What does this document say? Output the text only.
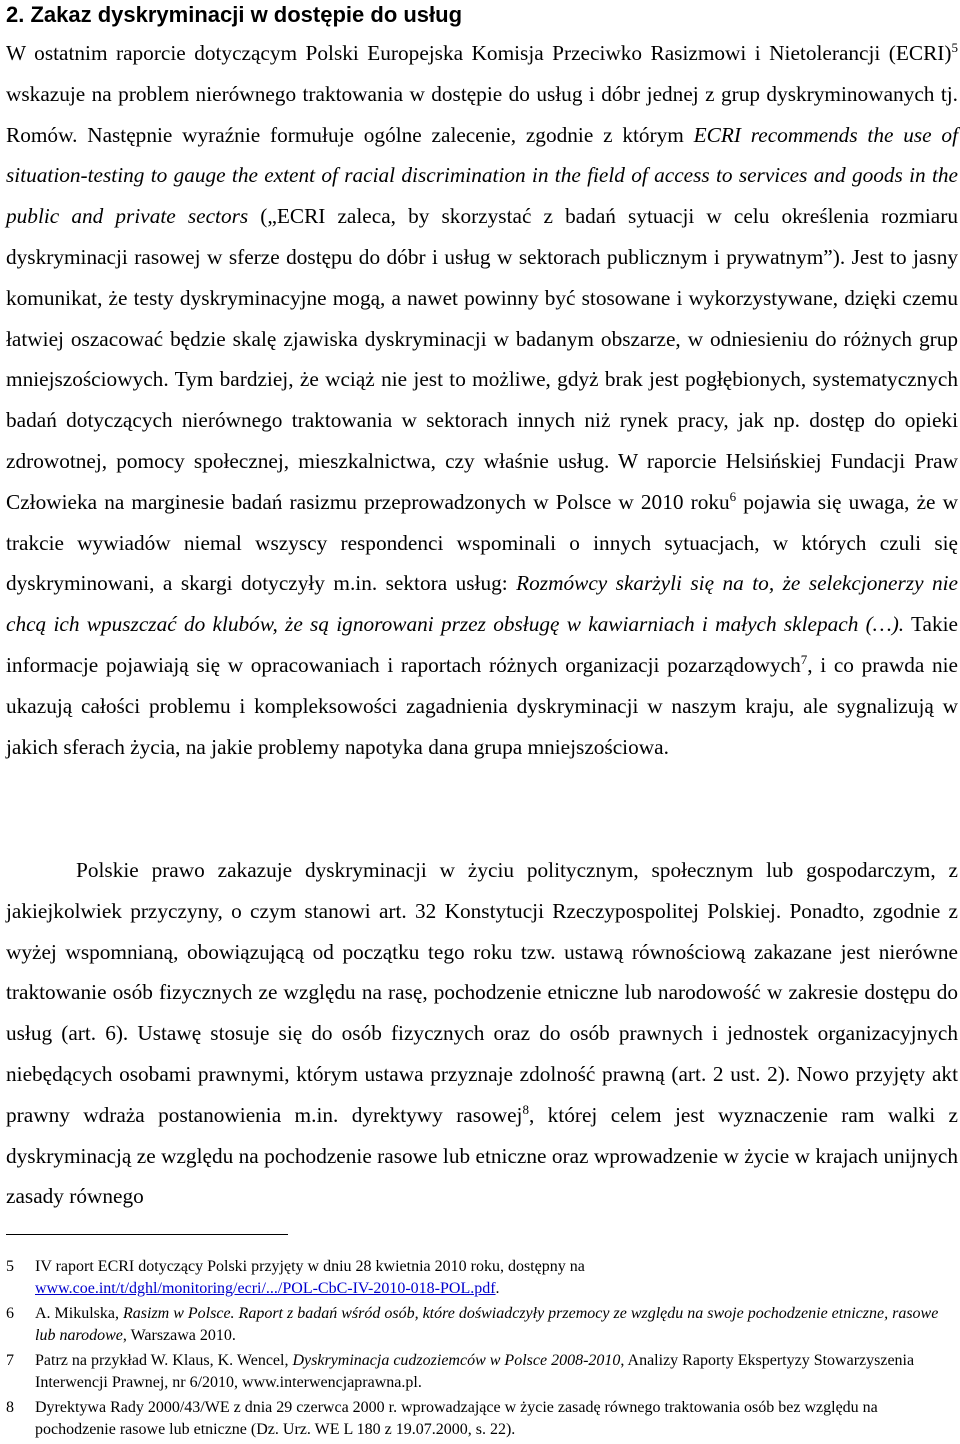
2. Zakaz dyskryminacji w dostępie do usług

W ostatnim raporcie dotyczącym Polski Europejska Komisja Przeciwko Rasizmowi i Nietolerancji (ECRI)$^5$ wskazuje na problem nierównego traktowania w dostępie do usług i dóbr jednej z grup dyskryminowanych tj. Romów. Następnie wyraźnie formułuje ogólne zalecenie, zgodnie z którym ECRI recommends the use of situation-testing to gauge the extent of racial discrimination in the field of access to services and goods in the public and private sectors („ECRI zaleca, by skorzystać z badań sytuacji w celu określenia rozmiaru dyskryminacji rasowej w sferze dostępu do dóbr i usług w sektorach publicznym i prywatnym”). Jest to jasny komunikat, że testy dyskryminacyjne mogą, a nawet powinny być stosowane i wykorzystywane, dzięki czemu łatwiej oszacować będzie skalę zjawiska dyskryminacji w badanym obszarze, w odniesieniu do różnych grup mniejszościowych. Tym bardziej, że wciąż nie jest to możliwe, gdyż brak jest pogłębionych, systematycznych badań dotyczących nierównego traktowania w sektorach innych niż rynek pracy, jak np. dostęp do opieki zdrowotnej, pomocy społecznej, mieszkalnictwa, czy właśnie usług. W raporcie Helsińskiej Fundacji Praw Człowieka na marginesie badań rasizmu przeprowadzonych w Polsce w 2010 roku$^6$ pojawia się uwaga, że w trakcie wywiadów niemal wszyscy respondenci wspominali o innych sytuacjach, w których czuli się dyskryminowani, a skargi dotyczyły m.in. sektora usług: Rozmówcy skarżyli się na to, że selekcjonerzy nie chcą ich wpuszczać do klubów, że są ignorowani przez obsługę w kawiarniach i małych sklepach (…). Takie informacje pojawiają się w opracowaniach i raportach różnych organizacji pozarządowych$^7$, i co prawda nie ukazują całości problemu i kompleksowości zagadnienia dyskryminacji w naszym kraju, ale sygnalizują w jakich sferach życia, na jakie problemy napotyka dana grupa mniejszościowa.

Polskie prawo zakazuje dyskryminacji w życiu politycznym, społecznym lub gospodarczym, z jakiejkolwiek przyczyny, o czym stanowi art. 32 Konstytucji Rzeczypospolitej Polskiej. Ponadto, zgodnie z wyżej wspomnianą, obowiązującą od początku tego roku tzw. ustawą równościową zakazane jest nierówne traktowanie osób fizycznych ze względu na rasę, pochodzenie etniczne lub narodowość w zakresie dostępu do usług (art. 6). Ustawę stosuje się do osób fizycznych oraz do osób prawnych i jednostek organizacyjnych niebędących osobami prawnymi, którym ustawa przyznaje zdolność prawną (art. 2 ust. 2). Nowo przyjęty akt prawny wdraża postanowienia m.in. dyrektywy rasowej$^8$, której celem jest wyznaczenie ram walki z dyskryminacją ze względu na pochodzenie rasowe lub etniczne oraz wprowadzenie w życie w krajach unijnych zasady równego

5 IV raport ECRI dotyczący Polski przyjęty w dniu 28 kwietnia 2010 roku, dostępny na
www.coe.int/t/dghl/monitoring/ecri/.../POL-CbC-IV-2010-018-POL.pdf.
6 A. Mikulska, Rasizm w Polsce. Raport z badań wśród osób, które doświadczyły przemocy ze względu na swoje pochodzenie etniczne, rasowe lub narodowe, Warszawa 2010.
7 Patrz na przykład W. Klaus, K. Wencel, Dyskryminacja cudzoziemców w Polsce 2008-2010, Analizy Raporty Ekspertyzy Stowarzyszenia Interwencji Prawnej, nr 6/2010, www.interwencjaprawna.pl.
8 Dyrektywa Rady 2000/43/WE z dnia 29 czerwca 2000 r. wprowadzające w życie zasadę równego traktowania osób bez względu na pochodzenie rasowe lub etniczne (Dz. Urz. WE L 180 z 19.07.2000, s. 22).
